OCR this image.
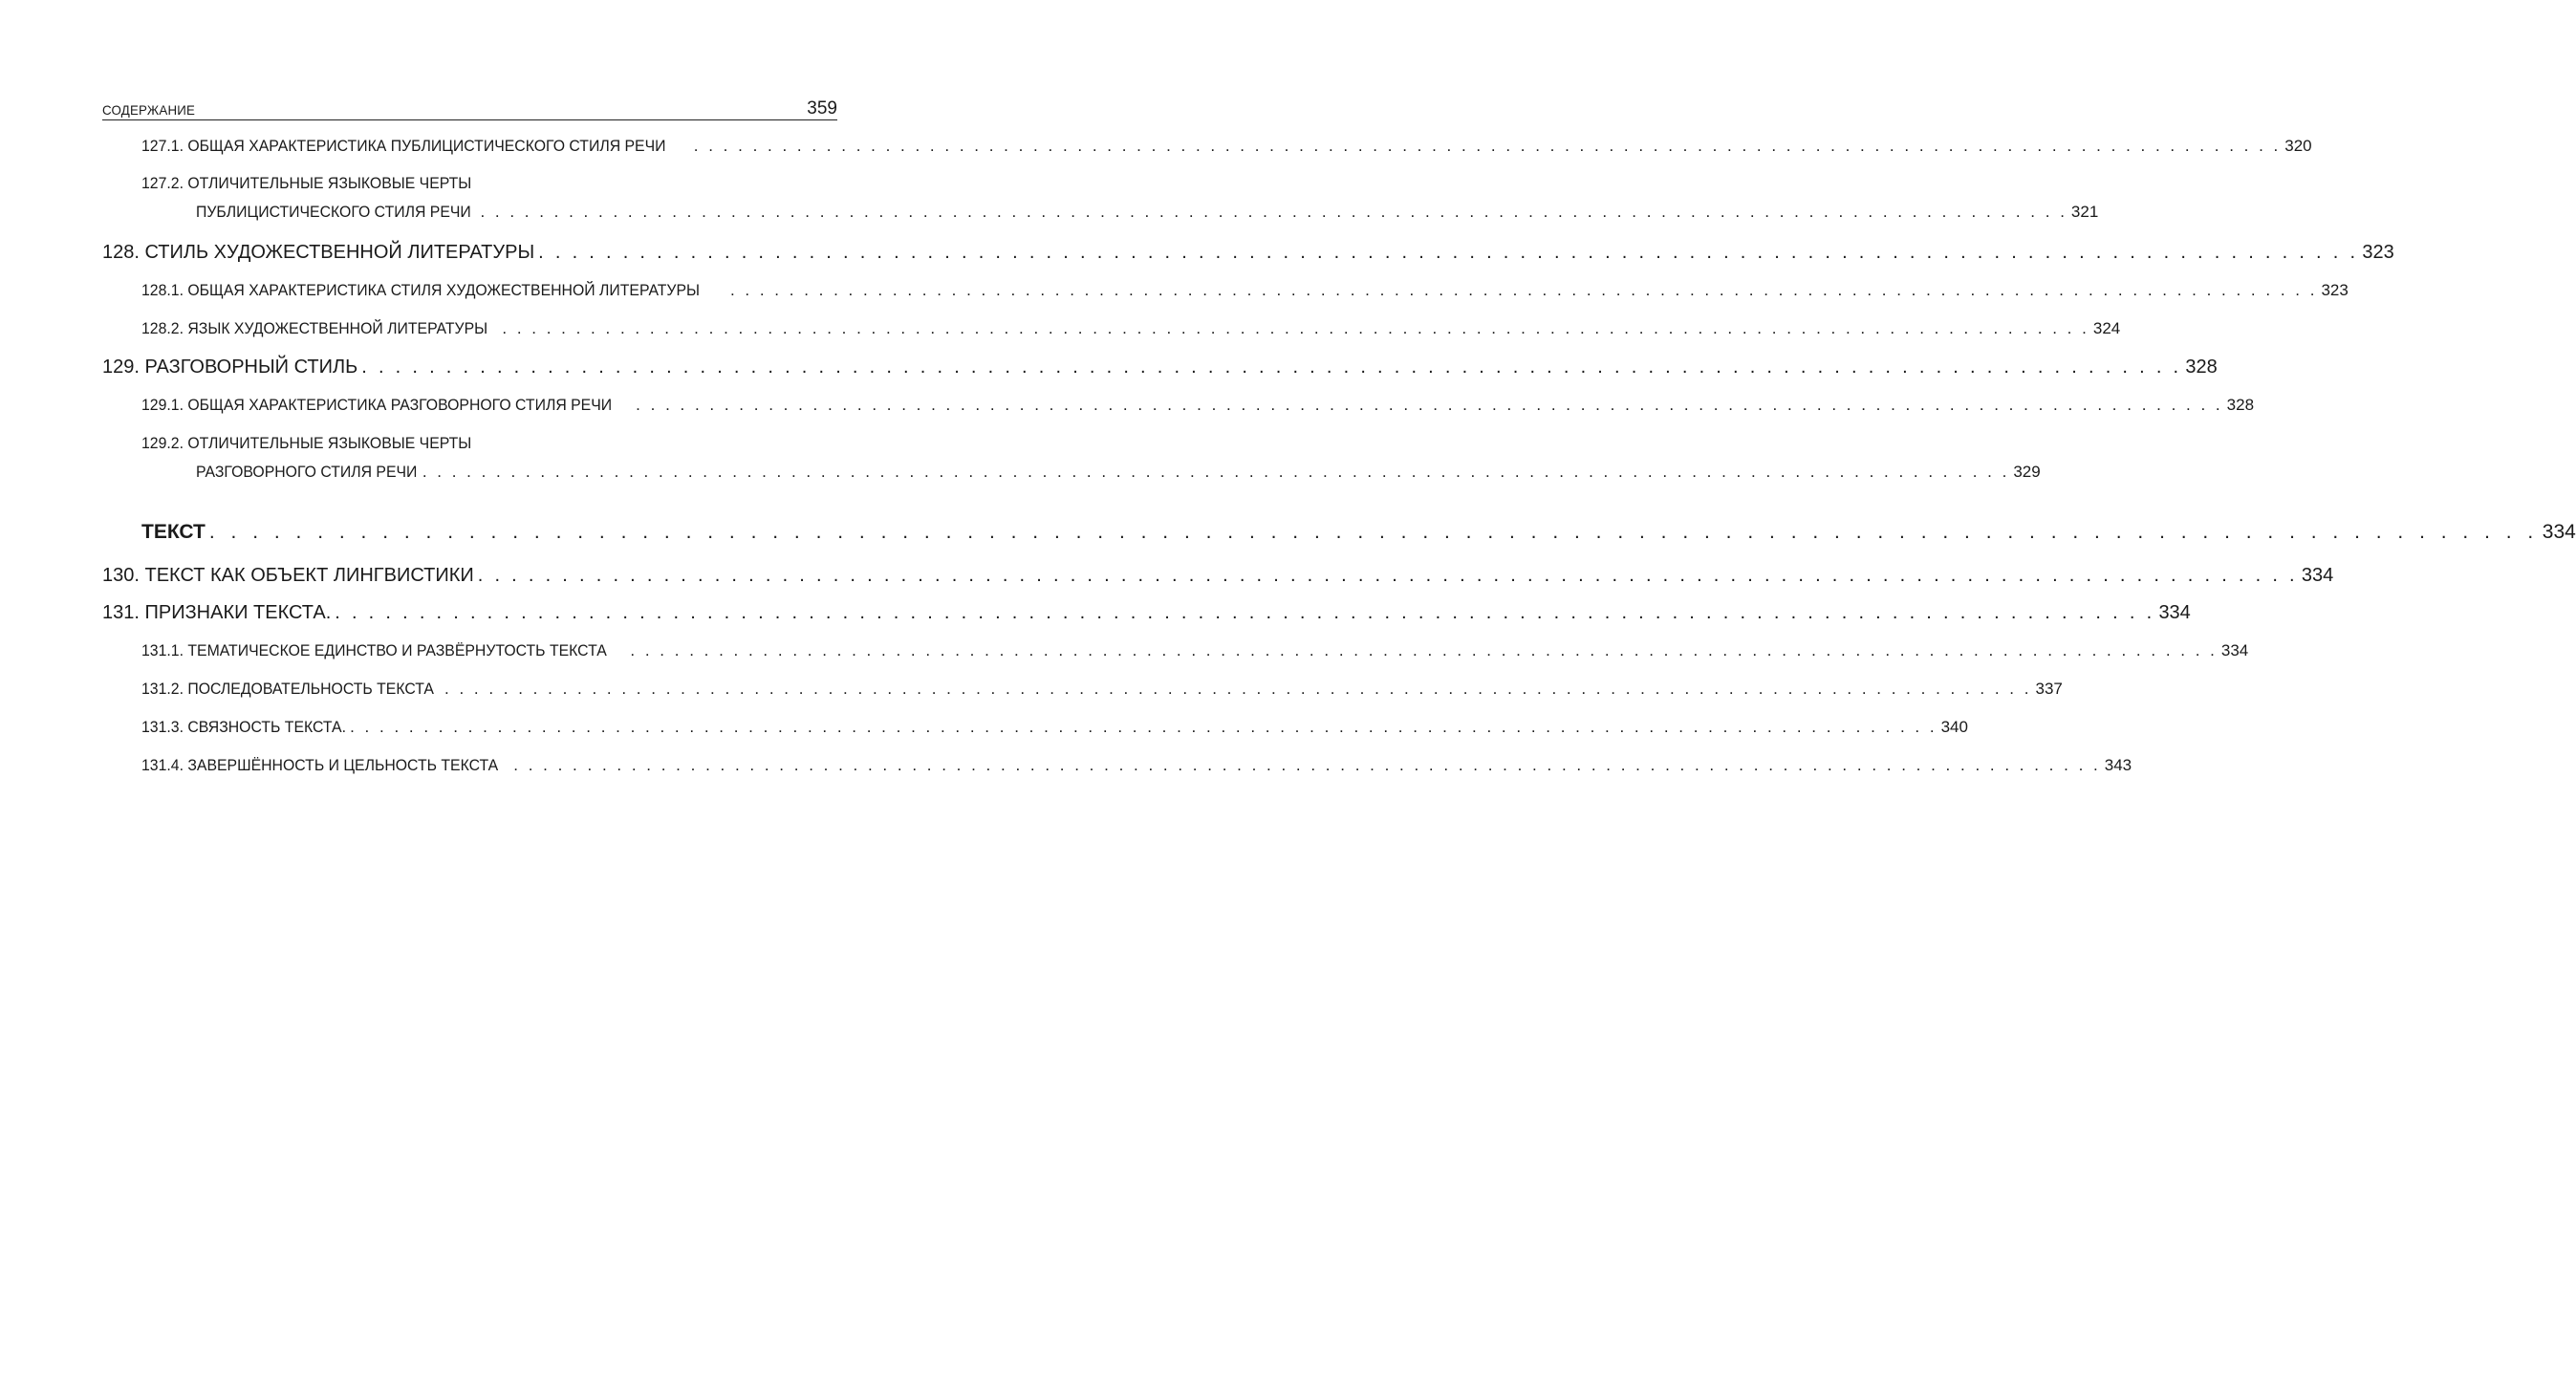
СОДЕРЖАНИЕ	359
127.1. ОБЩАЯ ХАРАКТЕРИСТИКА ПУБЛИЦИСТИЧЕСКОГО СТИЛЯ РЕЧИ . . .	320
127.2. ОТЛИЧИТЕЛЬНЫЕ ЯЗЫКОВЫЕ ЧЕРТЫ
ПУБЛИЦИСТИЧЕСКОГО СТИЛЯ РЕЧИ . . .	321
128. СТИЛЬ ХУДОЖЕСТВЕННОЙ ЛИТЕРАТУРЫ . . .	323
128.1. ОБЩАЯ ХАРАКТЕРИСТИКА СТИЛЯ ХУДОЖЕСТВЕННОЙ ЛИТЕРАТУРЫ . . .	323
128.2. ЯЗЫК ХУДОЖЕСТВЕННОЙ ЛИТЕРАТУРЫ . . .	324
129. РАЗГОВОРНЫЙ СТИЛЬ . . .	328
129.1. ОБЩАЯ ХАРАКТЕРИСТИКА РАЗГОВОРНОГО СТИЛЯ РЕЧИ . . .	328
129.2. ОТЛИЧИТЕЛЬНЫЕ ЯЗЫКОВЫЕ ЧЕРТЫ
РАЗГОВОРНОГО СТИЛЯ РЕЧИ . . .	329
ТЕКСТ . . .	334
130. ТЕКСТ КАК ОБЪЕКТ ЛИНГВИСТИКИ . . .	334
131. ПРИЗНАКИ ТЕКСТА. . . .	334
131.1. ТЕМАТИЧЕСКОЕ ЕДИНСТВО И РАЗВЁРНУТОСТЬ ТЕКСТА . . .	334
131.2. ПОСЛЕДОВАТЕЛЬНОСТЬ ТЕКСТА . . .	337
131.3. СВЯЗНОСТЬ ТЕКСТА. . . .	340
131.4. ЗАВЕРШЁННОСТЬ И ЦЕЛЬНОСТЬ ТЕКСТА . . .	343
